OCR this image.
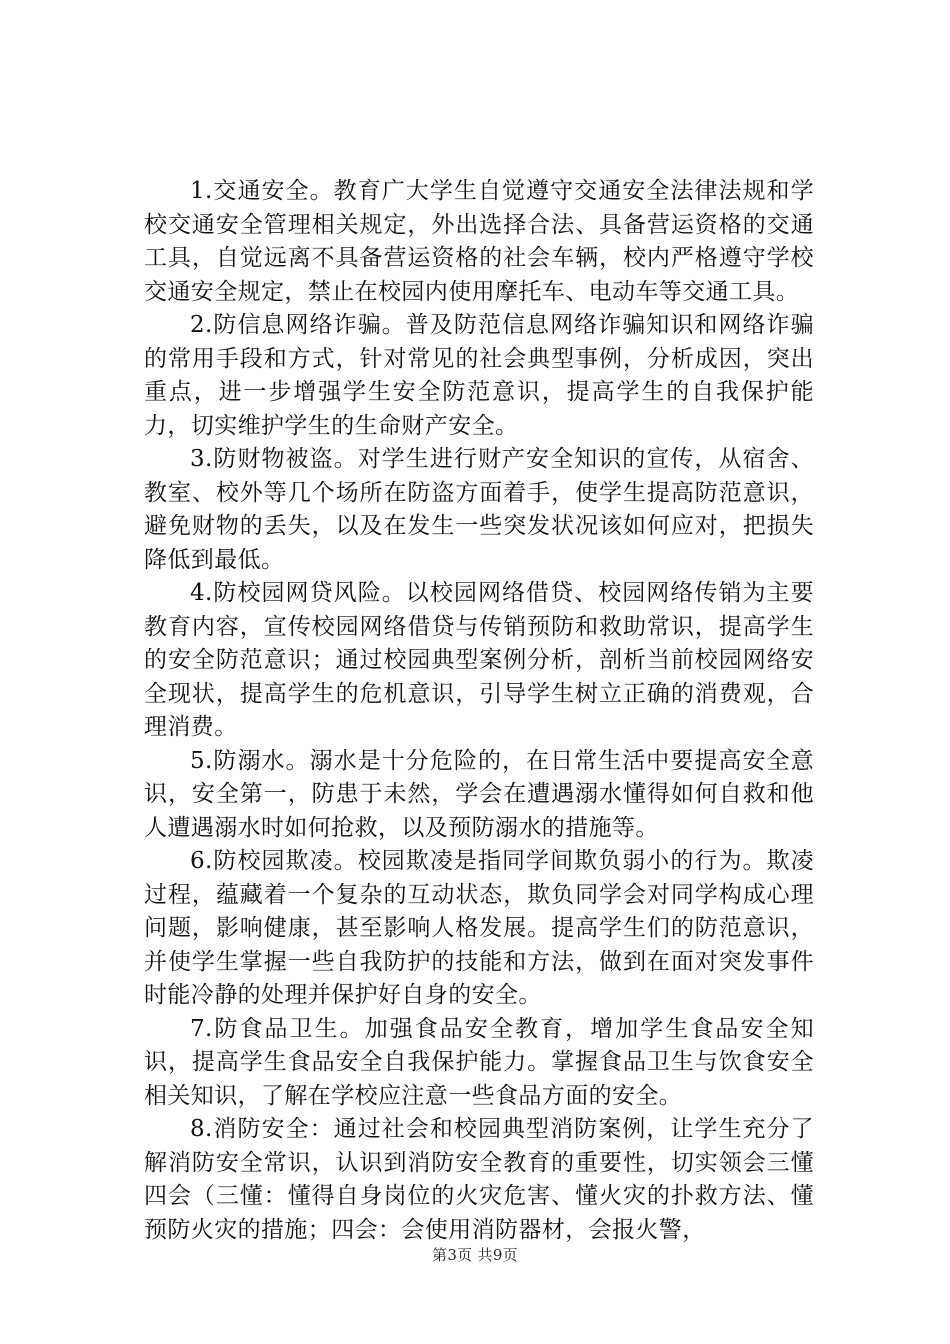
1.交通安全。教育广大学生自觉遵守交通安全法律法规和学校交通安全管理相关规定，外出选择合法、具备营运资格的交通工具，自觉远离不具备营运资格的社会车辆，校内严格遵守学校交通安全规定，禁止在校园内使用摩托车、电动车等交通工具。

2.防信息网络诈骗。普及防范信息网络诈骗知识和网络诈骗的常用手段和方式，针对常见的社会典型事例，分析成因，突出重点，进一步增强学生安全防范意识，提高学生的自我保护能力，切实维护学生的生命财产安全。

3.防财物被盗。对学生进行财产安全知识的宣传，从宿舍、教室、校外等几个场所在防盗方面着手，使学生提高防范意识，避免财物的丢失，以及在发生一些突发状况该如何应对，把损失降低到最低。

4.防校园网贷风险。以校园网络借贷、校园网络传销为主要教育内容，宣传校园网络借贷与传销预防和救助常识，提高学生的安全防范意识；通过校园典型案例分析，剖析当前校园网络安全现状，提高学生的危机意识，引导学生树立正确的消费观，合理消费。

5.防溺水。溺水是十分危险的，在日常生活中要提高安全意识，安全第一，防患于未然，学会在遭遇溺水懂得如何自救和他人遭遇溺水时如何抢救，以及预防溺水的措施等。

6.防校园欺凌。校园欺凌是指同学间欺负弱小的行为。欺凌过程，蕴藏着一个复杂的互动状态，欺负同学会对同学构成心理问题，影响健康，甚至影响人格发展。提高学生们的防范意识，并使学生掌握一些自我防护的技能和方法，做到在面对突发事件时能冷静的处理并保护好自身的安全。

7.防食品卫生。加强食品安全教育，增加学生食品安全知识，提高学生食品安全自我保护能力。掌握食品卫生与饮食安全相关知识，了解在学校应注意一些食品方面的安全。

8.消防安全：通过社会和校园典型消防案例，让学生充分了解消防安全常识，认识到消防安全教育的重要性，切实领会三懂四会（三懂：懂得自身岗位的火灾危害、懂火灾的扑救方法、懂预防火灾的措施；四会：会使用消防器材，会报火警，

第3页 共9页
